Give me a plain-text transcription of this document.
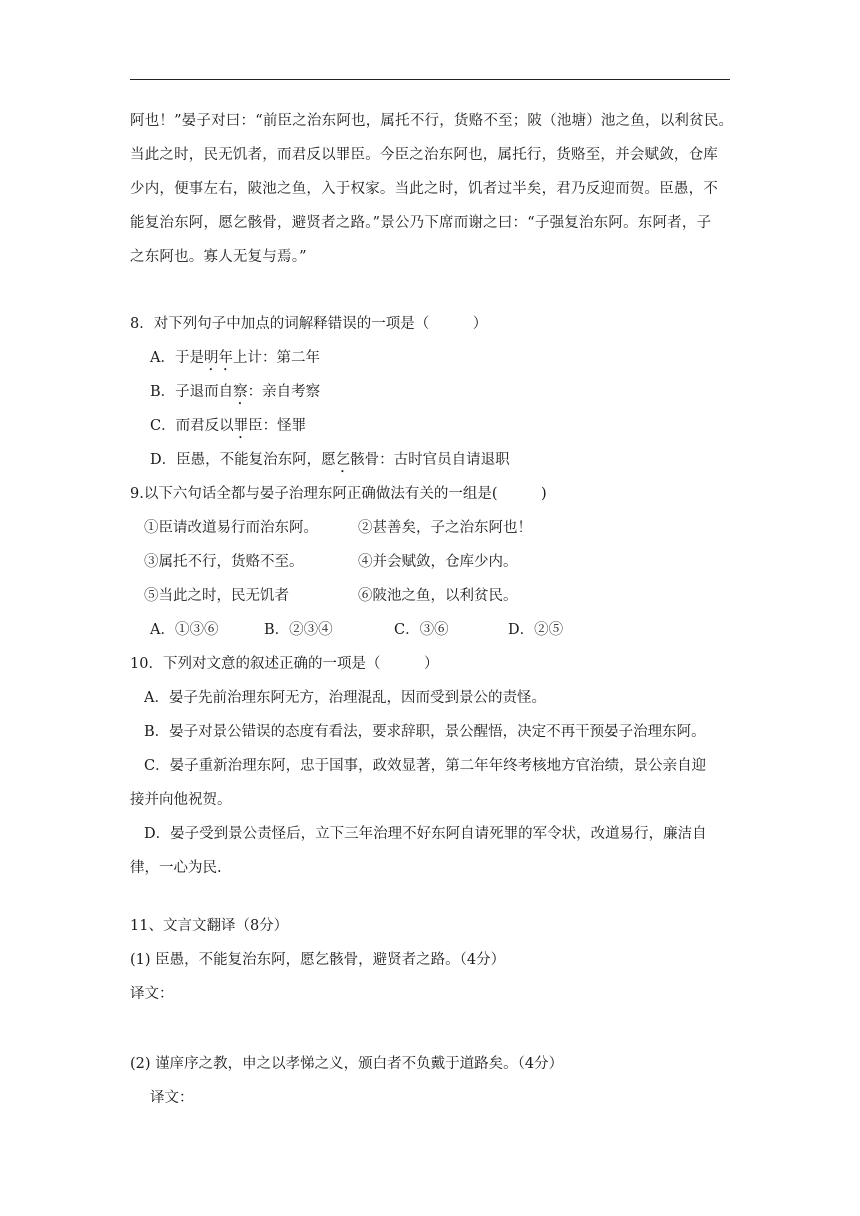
阿也！”晏子对曰：“前臣之治东阿也，属托不行，货赂不至；陂（池塘）池之鱼，以利贫民。
当此之时，民无饥者，而君反以罪臣。今臣之治东阿也，属托行，货赂至，并会赋敛，仓库
少内，便事左右，陂池之鱼，入于权家。当此之时，饥者过半矣，君乃反迎而贺。臣愚，不
能复治东阿，愿乞骸骨，避贤者之路。”景公乃下席而谢之曰：“子强复治东阿。东阿者，子
之东阿也。寡人无复与焉。”
8．对下列句子中加点的词解释错误的一项是（　　　）
A．于是明年上计：第二年
B．子退而自察：亲自考察
C．而君反以罪臣：怪罪
D．臣愚，不能复治东阿，愿乞骸骨：古时官员自请退职
9.以下六句话全都与晏子治理东阿正确做法有关的一组是(　　　)
①臣请改道易行而治东阿。	②甚善矣，子之治东阿也！
③属托不行，货赂不至。	④并会赋敛，仓库少内。
⑤当此之时，民无饥者	⑥陂池之鱼，以利贫民。
A．①③⑥	B．②③④	C．③⑥	D．②⑤
10．下列对文意的叙述正确的一项是（　　　）
A．晏子先前治理东阿无方，治理混乱，因而受到景公的责怪。
B．晏子对景公错误的态度有看法，要求辞职，景公醒悟，决定不再干预晏子治理东阿。
C．晏子重新治理东阿，忠于国事，政效显著，第二年年终考核地方官治绩，景公亲自迎
接并向他祝贺。
D．晏子受到景公责怪后，立下三年治理不好东阿自请死罪的军令状，改道易行，廉洁自
律，一心为民.
11、文言文翻译（8分）
(1) 臣愚，不能复治东阿，愿乞骸骨，避贤者之路。（4分）
译文：
(2) 谨庠序之教，申之以孝悌之义，颁白者不负戴于道路矣。（4分）
译文：
